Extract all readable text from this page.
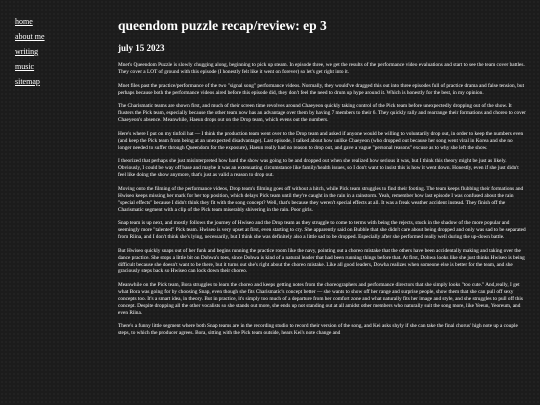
home
about me
writing
music
sitemap
queendom puzzle recap/review: ep 3
july 15 2023

Mnet's Queendom Puzzle is slowly chugging along, beginning to pick up steam. In episode three, we get the results of the performance video evaluations and start to see the team cover battles. They cover a LOT of ground with this episode (I honestly felt like it went on forever) so let's get right into it.

Mnet files past the practice/performance of the two "signal song" performance videos. Normally, they would've dragged this out into three episodes full of practice drama and false tension, but perhaps because both the performance videos aired before this episode did, they don't feel the need to drum up hype around it. Which is honestly for the best, in my opinion.

The Charismatic teams are shown first, and much of their screen time revolves around Chaeyeon quickly taking control of the Pick team before unexpectedly dropping out of the show. It flusters the Pick team, especially because the other team now has an advantage over them by having 7 members to their 6. They quickly rally and rearrange their formations and choreo to cover Chaeyeon's absence. Meanwhile, Haeun drops out on the Drop team, which evens out the numbers.

Here's where I put on my tinfoil hat — I think the production team went over to the Drop team and asked if anyone would be willing to voluntarily drop out, in order to keep the numbers even (and keep the Pick team from being at an unexpected disadvantage). Last episode, I talked about how unlike Chaeyeon (who dropped out because her song went viral in Korea and she no longer needed to suffer through Queendom for the exposure), Haeun really had no reason to drop out, and gave a vague "personal reasons" excuse as to why she left the show.

I theorized that perhaps she just misinterpreted how hard the show was going to be and dropped out when she realized how serious it was, but I think this theory might be just as likely. Obviously, I could be way off base and maybe it was an extenuating circumstance like family/health issues, so I don't want to insist this is how it went down. Honestly, even if she just didn't feel like doing the show anymore, that's just as valid a reason to drop out.

Moving onto the filming of the performance videos, Drop team's filming goes off without a hitch, while Pick team struggles to find their footing. The team keeps flubbing their formations and Hwiseo keeps missing her mark for her top position, which delays Pick team until they're caught in the rain in a rainstorm. Yeah, remember how last episode I was confused about the rain "special effects" because I didn't think they fit with the song concept? Well, that's because they weren't special effects at all. It was a freak weather accident instead. They finish off the Charismatic segment with a clip of the Pick team miserably shivering in the rain. Poor girls.

Snap team is up next, and mostly follows the journey of Hwiseo and the Drop team as they struggle to come to terms with being the rejects, stuck in the shadow of the more popular and seemingly more "talented" Pick team. Hwiseo is very upset at first, even starting to cry. She apparently said on Bubble that she didn't care about being dropped and only was sad to be separated from Riina, and I don't think she's lying, necessarily, but I think she was definitely also a little sad to be dropped. Especially after she performed really well during the up-down battle.

But Hwiseo quickly snaps out of her funk and begins running the practice room like the navy, pointing out a choreo mistake that the others have been accidentally making and taking over the dance practice. She stops a little bit on Dohwa's toes, since Dohwa is kind of a natural leader that had been running things before that. At first, Dohwa looks like she just thinks Hwiseo is being difficult because she doesn't want to be there, but it turns out she's right about the choreo mistake. Like all good leaders, Dowha realizes when someone else is better for the team, and she graciously steps back so Hwiseo can lock down their choreo.

Meanwhile on the Pick team, Bora struggles to learn the choreo and keeps getting notes from the choreographers and performance directors that she simply looks "too cute." And,really, I get what Bora was going for by choosing Snap, even though she fits Charismatic's concept better — she wants to show off her range and surprise people, show them that she can pull off sexy concepts too. It's a smart idea, in theory. But in practice, it's simply too much of a departure from her comfort zone and what naturally fits her image and style, and she struggles to pull off this concept. Despite dropping all the other vocalists so she stands out more, she ends up not standing out at all amidst other members who naturally suit the song more, like Yeeun, Yeoreum, and even Riina.

There's a funny little segment where both Snap teams are in the recording studio to record their version of the song, and Kei asks shyly if she can take the final chorus' high note up a couple steps, to which the producer agrees. Bora, sitting with the Pick team outside, hears Kei's note change and
